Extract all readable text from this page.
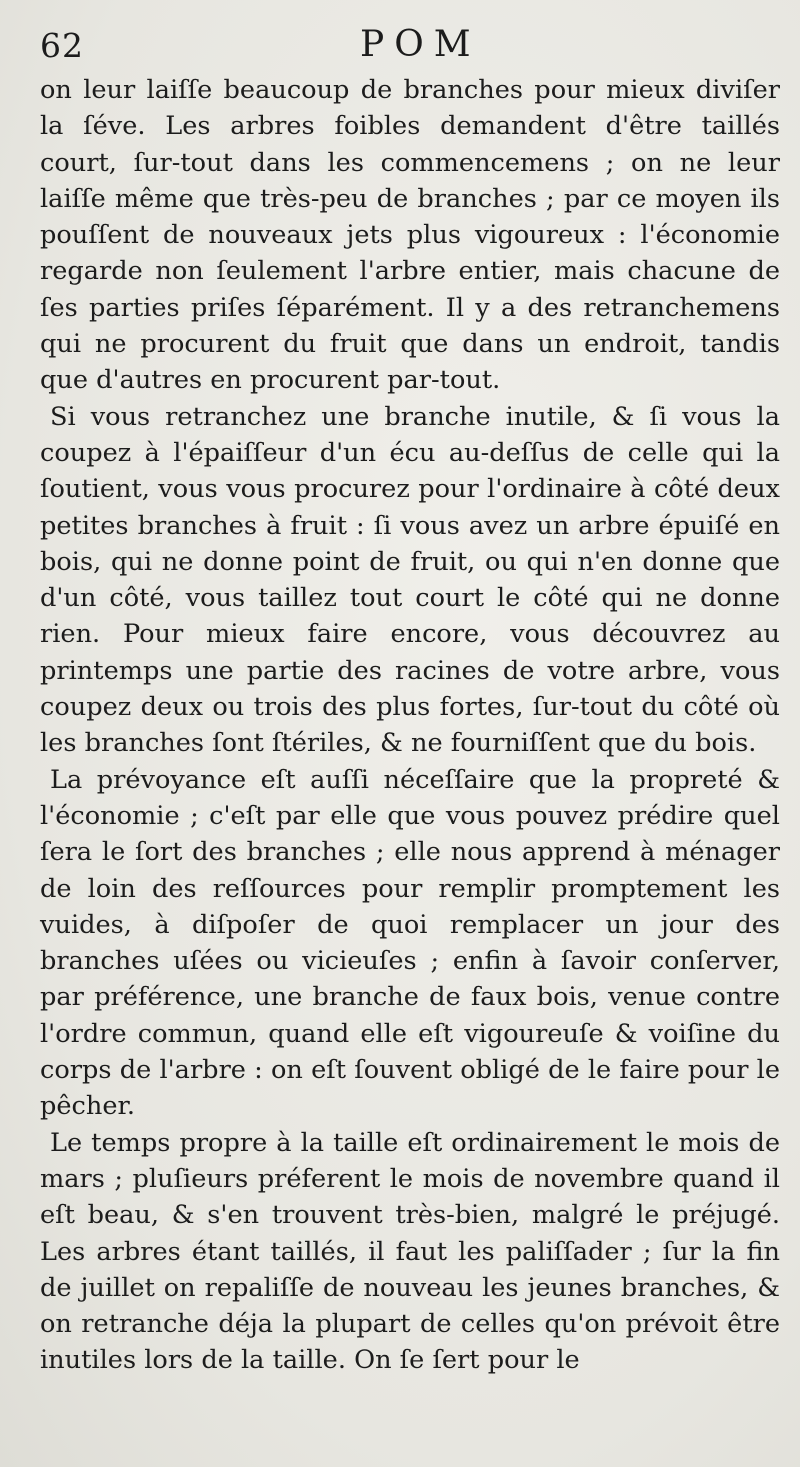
62	POM

on leur laiſſe beaucoup de branches pour mieux diviſer la ſéve. Les arbres foibles demandent d'être taillés court, ſur-tout dans les commencemens ; on ne leur laiſſe même que très-peu de branches ; par ce moyen ils pouſſent de nouveaux jets plus vigoureux : l'économie regarde non ſeulement l'arbre entier, mais chacune de ſes parties priſes ſéparément. Il y a des retranchemens qui ne procurent du fruit que dans un endroit, tandis que d'autres en procurent par-tout.

Si vous retranchez une branche inutile, & ſi vous la coupez à l'épaiſſeur d'un écu au-deſſus de celle qui la ſoutient, vous vous procurez pour l'ordinaire à côté deux petites branches à fruit : ſi vous avez un arbre épuiſé en bois, qui ne donne point de fruit, ou qui n'en donne que d'un côté, vous taillez tout court le côté qui ne donne rien. Pour mieux faire encore, vous découvrez au printemps une partie des racines de votre arbre, vous coupez deux ou trois des plus fortes, ſur-tout du côté où les branches ſont ſtériles, & ne fourniſſent que du bois.

La prévoyance eſt auſſi néceſſaire que la propreté & l'économie ; c'eſt par elle que vous pouvez prédire quel ſera le ſort des branches ; elle nous apprend à ménager de loin des reſſources pour remplir promptement les vuides, à diſpoſer de quoi remplacer un jour des branches uſées ou vicieuſes ; enfin à ſavoir conſerver, par préférence, une branche de faux bois, venue contre l'ordre commun, quand elle eſt vigoureuſe & voiſine du corps de l'arbre : on eſt ſouvent obligé de le faire pour le pêcher.

Le temps propre à la taille eſt ordinairement le mois de mars ; pluſieurs préferent le mois de novembre quand il eſt beau, & s'en trouvent très-bien, malgré le préjugé. Les arbres étant taillés, il faut les paliſſader ; ſur la fin de juillet on repaliſſe de nouveau les jeunes branches, & on retranche déja la plupart de celles qu'on prévoit être inutiles lors de la taille. On ſe ſert pour le
